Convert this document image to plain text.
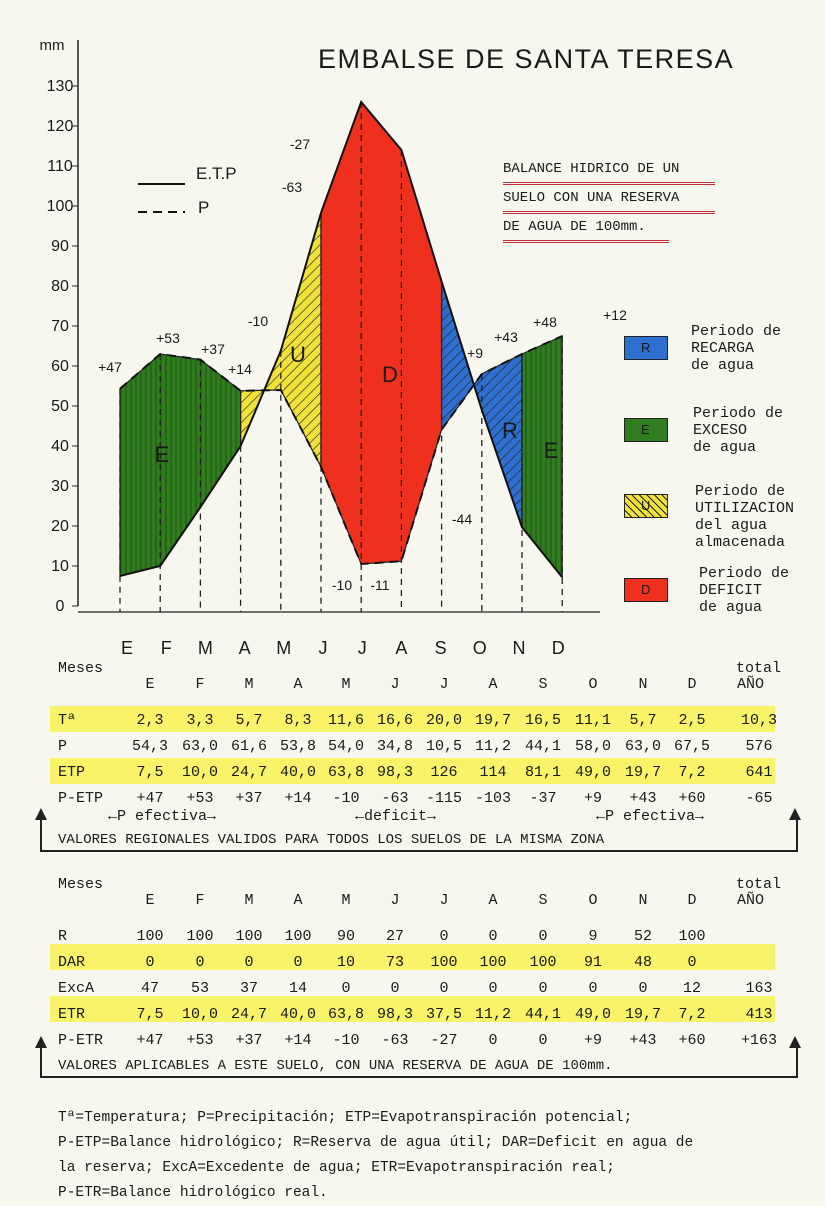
mm
0
10
20
30
40
50
60
70
80
90
100
110
120
130
E F M A M J J A S O N D
E
U
D
R
E
+47
+53
+37
+14
-10
-63
-27
-10 -11
-44
+9
+43
+48	+12
EMBALSE DE SANTA TERESA
BALANCE HIDRICO DE UN
SUELO CON UNA RESERVA
DE AGUA DE 100mm.
E.T.P
P
R
Periodo de
RECARGA
de agua
E
Periodo de
EXCESO
de agua
U
Periodo de
UTILIZACION
del agua
almacenada
D
Periodo de
DEFICIT
de agua
Meses
E	F	M	A	M	J	J	A	S	O	N	D
total
AÑO
Tª	2,3 3,3 5,7 8,3 11,6 16,6 20,0 19,7 16,5 11,1 5,7 2,5 10,3
P	54,3 63,0 61,6 53,8 54,0 34,8 10,5 11,2 44,1 58,0 63,0 67,5 576
ETP	7,5 10,0 24,7 40,0 63,8 98,3 126 114 81,1 49,0 19,7 7,2	641
P-ETP +47 +53 +37 +14 -10 -63 -115 -103 -37 +9 +43 +60	-65
←P efectiva→	←deficit→	←P efectiva→
VALORES REGIONALES VALIDOS PARA TODOS LOS SUELOS DE LA MISMA ZONA
Meses
E	F	M	A	M	J	J	A	S	O	N	D
total
AÑO
R	100 100 100 100 90 27 0	0	0	9 52 100
DAR	0	0	0	0 10 73 100 100 100 91 48 0
ExcA	47 53 37 14 0	0	0	0	0	0	0 12	163
ETR	7,5 10,0 24,7 40,0 63,8 98,3 37,5 11,2 44,1 49,0 19,7 7,2	413
P-ETR +47 +53 +37 +14 -10 -63 -27 0	0 +9 +43 +60 +163
VALORES APLICABLES A ESTE SUELO, CON UNA RESERVA DE AGUA DE 100mm.
Tª=Temperatura; P=Precipitación; ETP=Evapotranspiración potencial;
P-ETP=Balance hidrológico; R=Reserva de agua útil; DAR=Deficit en agua de
la reserva; ExcA=Excedente de agua; ETR=Evapotranspiración real;
P-ETR=Balance hidrológico real.
